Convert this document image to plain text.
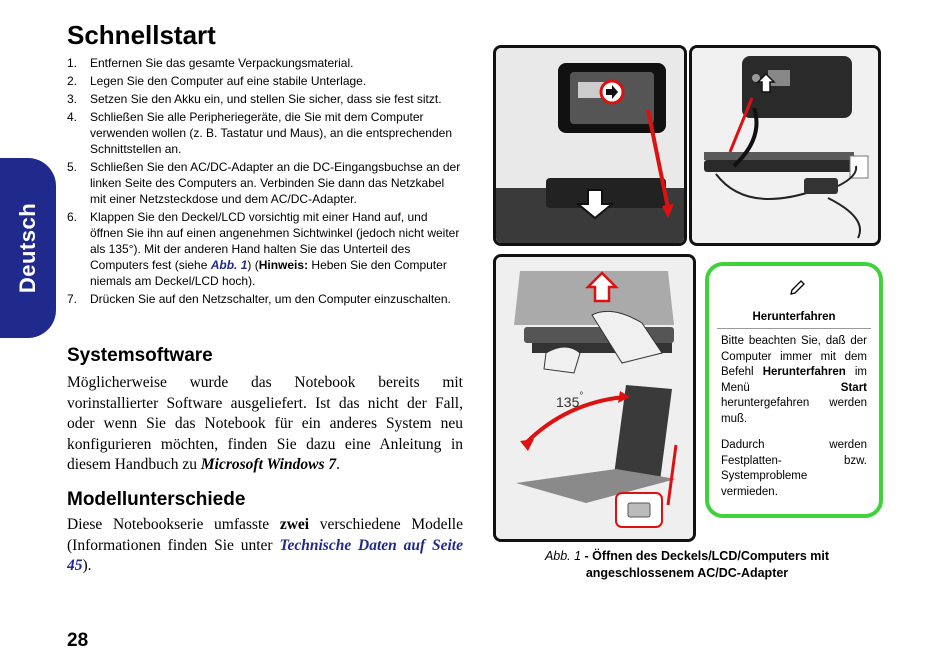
Deutsch
Schnellstart
1. Entfernen Sie das gesamte Verpackungsmaterial.
2. Legen Sie den Computer auf eine stabile Unterlage.
3. Setzen Sie den Akku ein, und stellen Sie sicher, dass sie fest sitzt.
4. Schließen Sie alle Peripheriegeräte, die Sie mit dem Computer verwenden wollen (z. B. Tastatur und Maus), an die entsprechenden Schnittstellen an.
5. Schließen Sie den AC/DC-Adapter an die DC-Eingangsbuchse an der linken Seite des Computers an. Verbinden Sie dann das Netzkabel mit einer Netzsteckdose und dem AC/DC-Adapter.
6. Klappen Sie den Deckel/LCD vorsichtig mit einer Hand auf, und öffnen Sie ihn auf einen angenehmen Sichtwinkel (jedoch nicht weiter als 135°). Mit der anderen Hand halten Sie das Unterteil des Computers fest (siehe Abb. 1) (Hinweis: Heben Sie den Computer niemals am Deckel/LCD hoch).
7. Drücken Sie auf den Netzschalter, um den Computer einzuschalten.
Systemsoftware

Möglicherweise wurde das Notebook bereits mit vorinstallierter Software ausgeliefert. Ist das nicht der Fall, oder wenn Sie das Notebook für ein anderes System neu konfigurieren möchten, finden Sie dazu eine Anleitung in diesem Handbuch zu Microsoft Windows 7.

Modellunterschiede

Diese Notebookserie umfasste zwei verschiedene Modelle (Informationen finden Sie unter Technische Daten auf Seite 45).

28
135°
Herunterfahren

Bitte beachten Sie, daß der Computer immer mit dem Befehl Herunterfahren im Menü Start heruntergefahren werden muß.

Dadurch werden Festplatten- bzw. Systemprobleme vermieden.

Abb. 1 - Öffnen des Deckels/LCD/Computers mit angeschlossenem AC/DC-Adapter
